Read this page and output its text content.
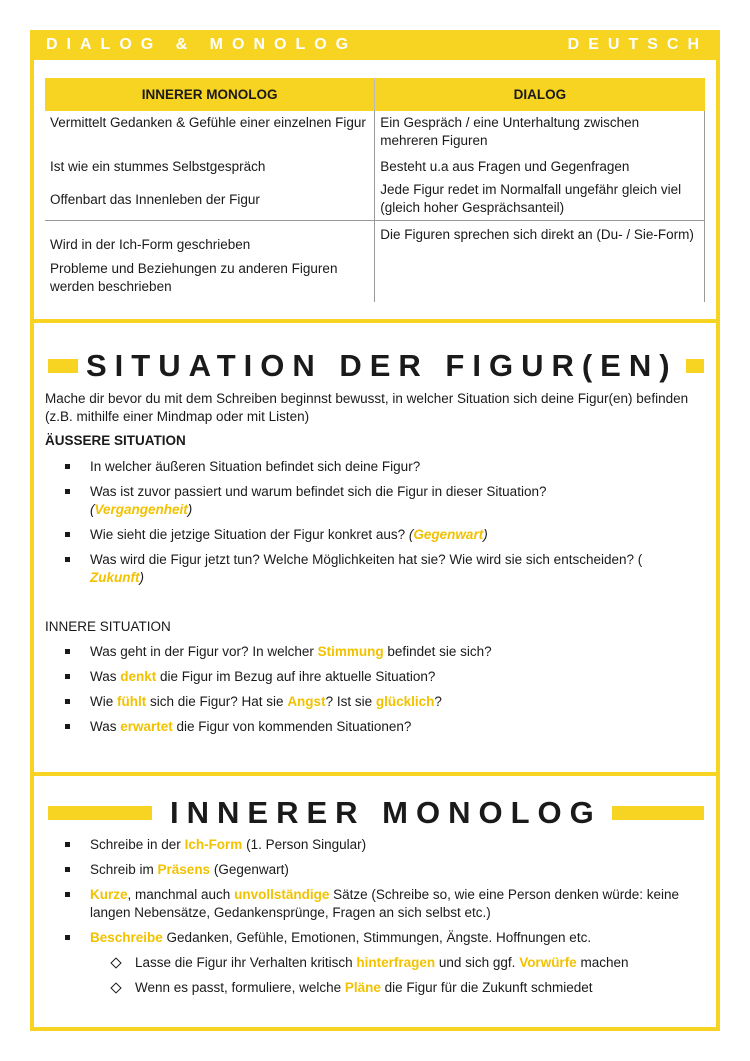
DIALOG & MONOLOG	DEUTSCH
INNERER MONOLOG	DIALOG
Vermittelt Gedanken & Gefühle einer einzelnen Figur	Ein Gespräch / eine Unterhaltung zwischen mehreren Figuren
Ist wie ein stummes Selbstgespräch	Besteht u.a aus Fragen und Gegenfragen
Offenbart das Innenleben der Figur	Jede Figur redet im Normalfall ungefähr gleich viel (gleich hoher Gesprächsanteil)
Wird in der Ich-Form geschrieben	Die Figuren sprechen sich direkt an (Du- / Sie-Form)
Probleme und Beziehungen zu anderen Figuren werden beschrieben	
SITUATION DER FIGUR(EN)
Mache dir bevor du mit dem Schreiben beginnst bewusst, in welcher Situation sich deine Figur(en) befinden (z.B. mithilfe einer Mindmap oder mit Listen)
ÄUSSERE SITUATION
In welcher äußeren Situation befindet sich deine Figur?
Was ist zuvor passiert und warum befindet sich die Figur in dieser Situation?
(Vergangenheit)
Wie sieht die jetzige Situation der Figur konkret aus? (Gegenwart)
Was wird die Figur jetzt tun? Welche Möglichkeiten hat sie? Wie wird sie sich entscheiden? (
Zukunft)
INNERE SITUATION
Was geht in der Figur vor? In welcher Stimmung befindet sie sich?
Was denkt die Figur im Bezug auf ihre aktuelle Situation?
Wie fühlt sich die Figur? Hat sie Angst? Ist sie glücklich?
Was erwartet die Figur von kommenden Situationen?
INNERER MONOLOG
Schreibe in der Ich-Form (1. Person Singular)
Schreib im Präsens (Gegenwart)
Kurze, manchmal auch unvollständige Sätze (Schreibe so, wie eine Person denken würde: keine langen Nebensätze, Gedankensprünge, Fragen an sich selbst etc.)
Beschreibe Gedanken, Gefühle, Emotionen, Stimmungen, Ängste. Hoffnungen etc.
Lasse die Figur ihr Verhalten kritisch hinterfragen und sich ggf. Vorwürfe machen
Wenn es passt, formuliere, welche Pläne die Figur für die Zukunft schmiedet
